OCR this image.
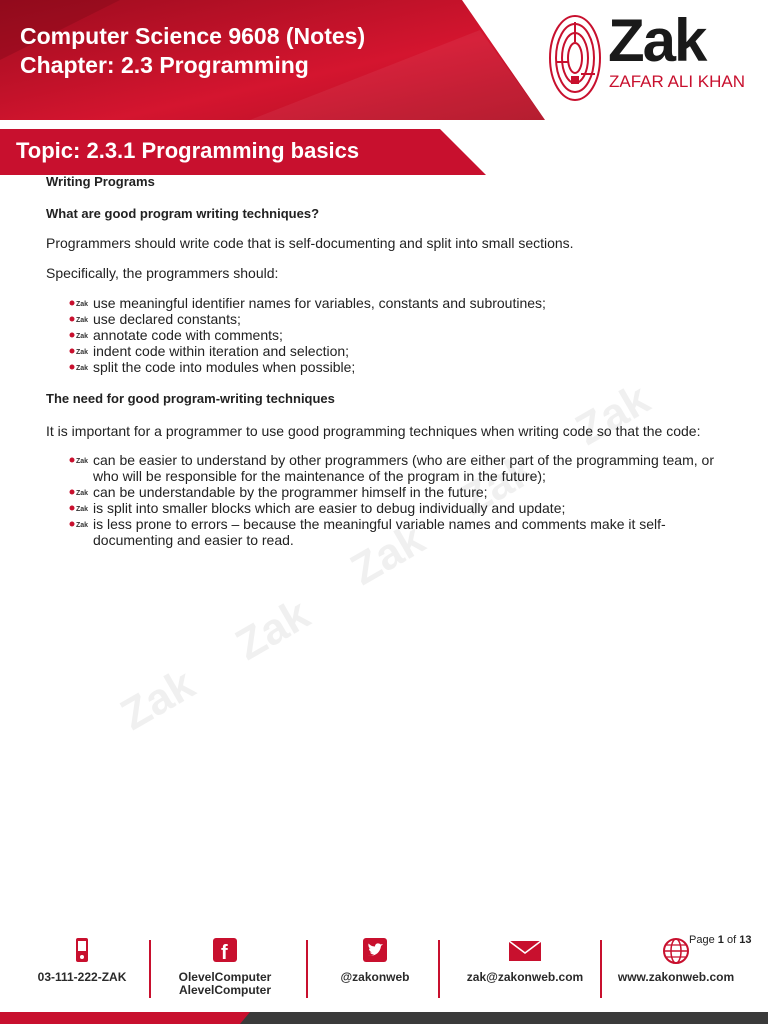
Computer Science 9608 (Notes)
Chapter: 2.3 Programming	Zak
ZAFAR ALI KHAN
Topic: 2.3.1 Programming basics
Zak
Zak
Zak
Zak
Zak

Writing Programs

What are good program writing techniques?

Programmers should write code that is self-documenting and split into small sections.

Specifically, the programmers should:

Zak use meaningful identifier names for variables, constants and subroutines;
Zak use declared constants;
Zak annotate code with comments;
Zak indent code within iteration and selection;
Zak split the code into modules when possible;

The need for good program-writing techniques

It is important for a programmer to use good programming techniques when writing code so that the code:

Zak can be easier to understand by other programmers (who are either part of the programming team, or who will be responsible for the maintenance of the program in the future);
Zak can be understandable by the programmer himself in the future;
Zak is split into smaller blocks which are easier to debug individually and update;
Zak is less prone to errors – because the meaningful variable names and comments make it self-documenting and easier to read.
Page 1 of 13
03-111-222-ZAK
f
OlevelComputer
AlevelComputer
@zakonweb	zak@zakonweb.com	www.zakonweb.com
